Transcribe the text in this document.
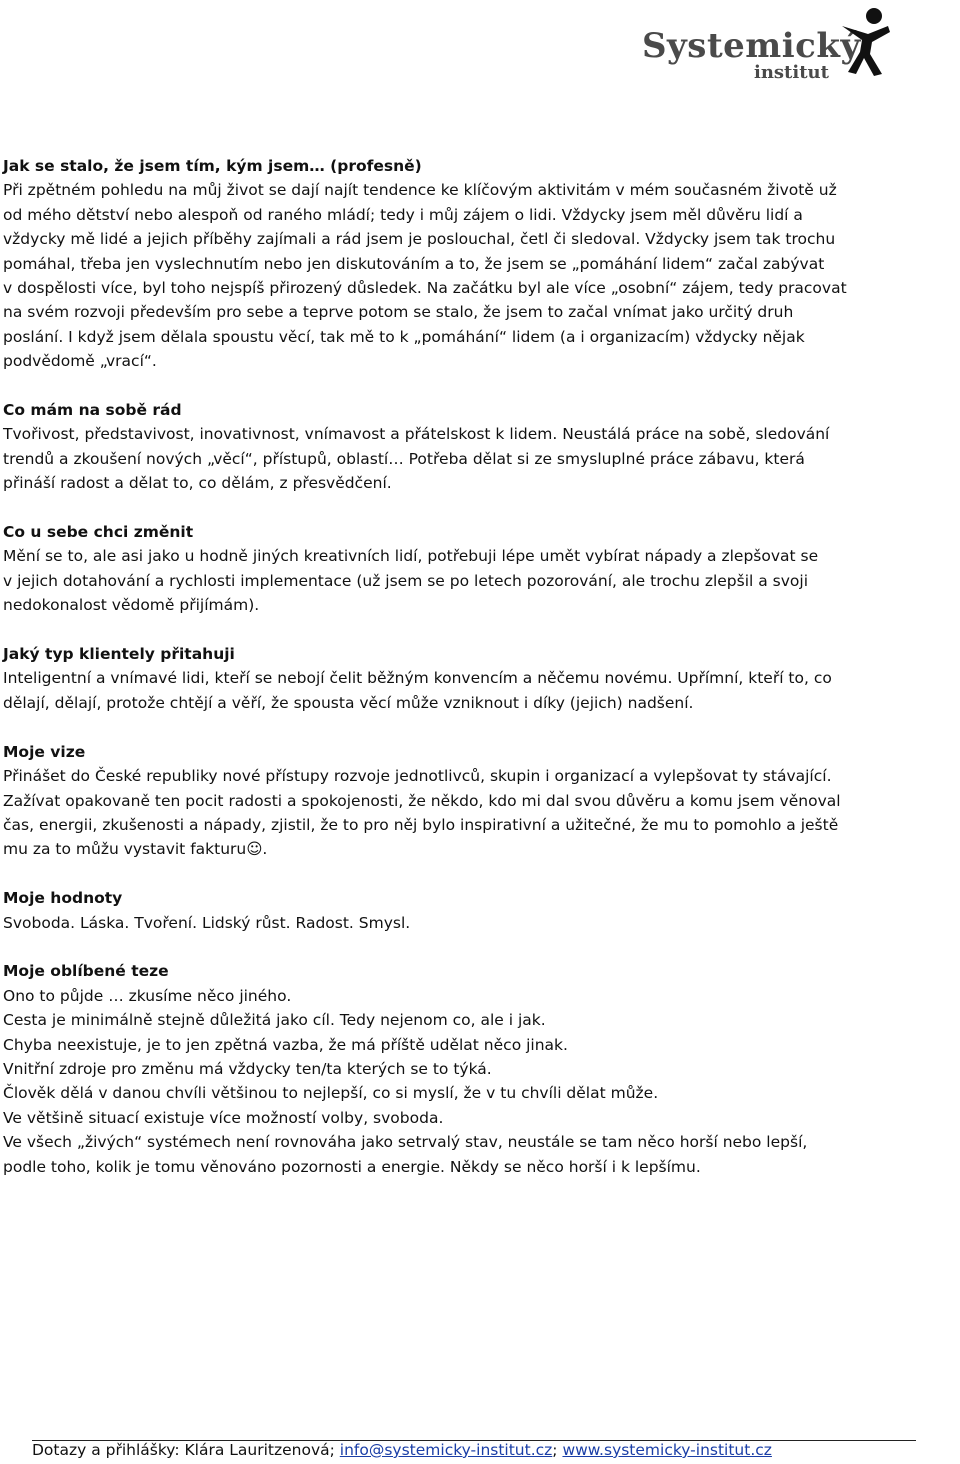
Systemický
institut
Jak se stalo, že jsem tím, kým jsem… (profesně)
Při zpětném pohledu na můj život se dají najít tendence ke klíčovým aktivitám v mém současném životě už
od mého dětství nebo alespoň od raného mládí; tedy i můj zájem o lidi. Vždycky jsem měl důvěru lidí a
vždycky mě lidé a jejich příběhy zajímali a rád jsem je poslouchal, četl či sledoval. Vždycky jsem tak trochu
pomáhal, třeba jen vyslechnutím nebo jen diskutováním a to, že jsem se „pomáhání lidem“ začal zabývat
v dospělosti více, byl toho nejspíš přirozený důsledek. Na začátku byl ale více „osobní“ zájem, tedy pracovat
na svém rozvoji především pro sebe a teprve potom se stalo, že jsem to začal vnímat jako určitý druh
poslání. I když jsem dělala spoustu věcí, tak mě to k „pomáhání“ lidem (a i organizacím) vždycky nějak
podvědomě „vrací“.
Co mám na sobě rád
Tvořivost, představivost, inovativnost, vnímavost a přátelskost k lidem. Neustálá práce na sobě, sledování
trendů a zkoušení nových „věcí“, přístupů, oblastí… Potřeba dělat si ze smysluplné práce zábavu, která
přináší radost a dělat to, co dělám, z přesvědčení.
Co u sebe chci změnit
Mění se to, ale asi jako u hodně jiných kreativních lidí, potřebuji lépe umět vybírat nápady a zlepšovat se
v jejich dotahování a rychlosti implementace (už jsem se po letech pozorování, ale trochu zlepšil a svoji
nedokonalost vědomě přijímám).
Jaký typ klientely přitahuji
Inteligentní a vnímavé lidi, kteří se nebojí čelit běžným konvencím a něčemu novému. Upřímní, kteří to, co
dělají, dělají, protože chtějí a věří, že spousta věcí může vzniknout i díky (jejich) nadšení.
Moje vize
Přinášet do České republiky nové přístupy rozvoje jednotlivců, skupin i organizací a vylepšovat ty stávající.
Zažívat opakovaně ten pocit radosti a spokojenosti, že někdo, kdo mi dal svou důvěru a komu jsem věnoval
čas, energii, zkušenosti a nápady, zjistil, že to pro něj bylo inspirativní a užitečné, že mu to pomohlo a ještě
mu za to můžu vystavit fakturu☺.
Moje hodnoty
Svoboda. Láska. Tvoření. Lidský růst. Radost. Smysl.
Moje oblíbené teze
Ono to půjde … zkusíme něco jiného.
Cesta je minimálně stejně důležitá jako cíl. Tedy nejenom co, ale i jak.
Chyba neexistuje, je to jen zpětná vazba, že má příště udělat něco jinak.
Vnitřní zdroje pro změnu má vždycky ten/ta kterých se to týká.
Člověk dělá v danou chvíli většinou to nejlepší, co si myslí, že v tu chvíli dělat může.
Ve většině situací existuje více možností volby, svoboda.
Ve všech „živých“ systémech není rovnováha jako setrvalý stav, neustále se tam něco horší nebo lepší,
podle toho, kolik je tomu věnováno pozornosti a energie. Někdy se něco horší i k lepšímu.
Dotazy a přihlášky: Klára Lauritzenová; info@systemicky-institut.cz; www.systemicky-institut.cz
